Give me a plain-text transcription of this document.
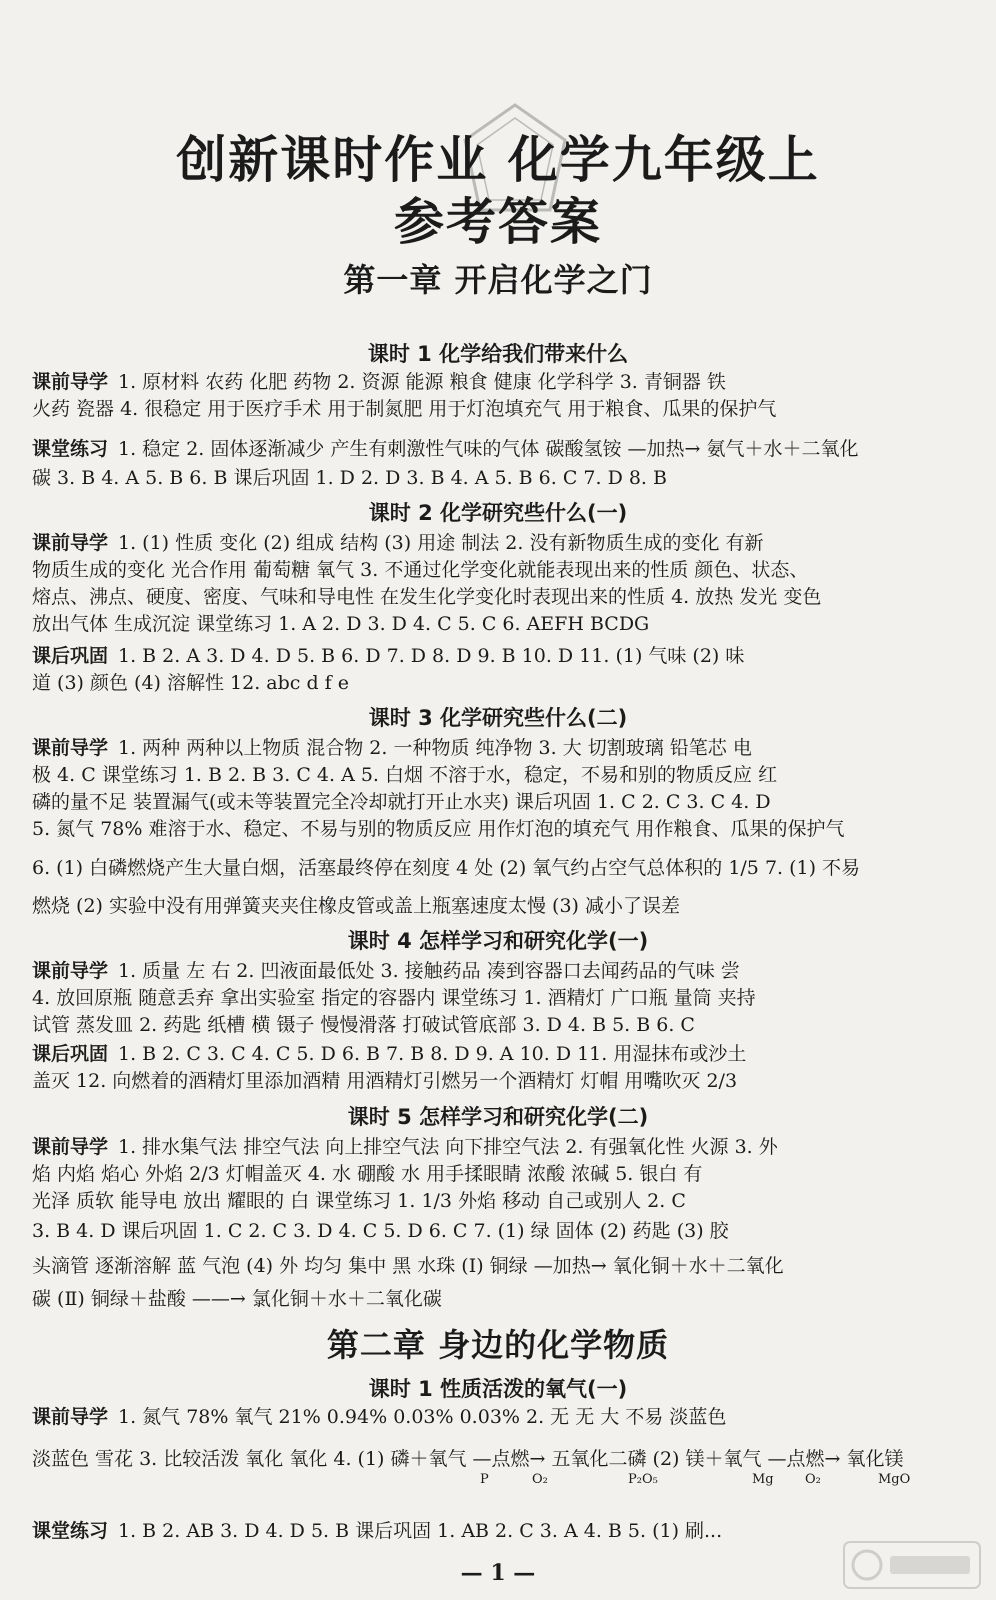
创新课时作业 化学九年级上
参考答案
第一章 开启化学之门
课时 1 化学给我们带来什么
课前导学 1. 原材料 农药 化肥 药物 2. 资源 能源 粮食 健康 化学科学 3. 青铜器 铁
火药 瓷器 4. 很稳定 用于医疗手术 用于制氮肥 用于灯泡填充气 用于粮食、瓜果的保护气
课堂练习 1. 稳定 2. 固体逐渐减少 产生有刺激性气味的气体 碳酸氢铵 —加热→ 氨气＋水＋二氧化
碳 3. B 4. A 5. B 6. B 课后巩固 1. D 2. D 3. B 4. A 5. B 6. C 7. D 8. B
课时 2 化学研究些什么(一)
课前导学 1. (1) 性质 变化 (2) 组成 结构 (3) 用途 制法 2. 没有新物质生成的变化 有新
物质生成的变化 光合作用 葡萄糖 氧气 3. 不通过化学变化就能表现出来的性质 颜色、状态、
熔点、沸点、硬度、密度、气味和导电性 在发生化学变化时表现出来的性质 4. 放热 发光 变色
放出气体 生成沉淀 课堂练习 1. A 2. D 3. D 4. C 5. C 6. AEFH BCDG
课后巩固 1. B 2. A 3. D 4. D 5. B 6. D 7. D 8. D 9. B 10. D 11. (1) 气味 (2) 味
道 (3) 颜色 (4) 溶解性 12. abc d f e
课时 3 化学研究些什么(二)
课前导学 1. 两种 两种以上物质 混合物 2. 一种物质 纯净物 3. 大 切割玻璃 铅笔芯 电
极 4. C 课堂练习 1. B 2. B 3. C 4. A 5. 白烟 不溶于水，稳定，不易和别的物质反应 红
磷的量不足 装置漏气(或未等装置完全冷却就打开止水夹) 课后巩固 1. C 2. C 3. C 4. D
5. 氮气 78% 难溶于水、稳定、不易与别的物质反应 用作灯泡的填充气 用作粮食、瓜果的保护气
6. (1) 白磷燃烧产生大量白烟，活塞最终停在刻度 4 处 (2) 氧气约占空气总体积的 1/5 7. (1) 不易
燃烧 (2) 实验中没有用弹簧夹夹住橡皮管或盖上瓶塞速度太慢 (3) 减小了误差
课时 4 怎样学习和研究化学(一)
课前导学 1. 质量 左 右 2. 凹液面最低处 3. 接触药品 凑到容器口去闻药品的气味 尝
4. 放回原瓶 随意丢弃 拿出实验室 指定的容器内 课堂练习 1. 酒精灯 广口瓶 量筒 夹持
试管 蒸发皿 2. 药匙 纸槽 横 镊子 慢慢滑落 打破试管底部 3. D 4. B 5. B 6. C
课后巩固 1. B 2. C 3. C 4. C 5. D 6. B 7. B 8. D 9. A 10. D 11. 用湿抹布或沙土
盖灭 12. 向燃着的酒精灯里添加酒精 用酒精灯引燃另一个酒精灯 灯帽 用嘴吹灭 2/3
课时 5 怎样学习和研究化学(二)
课前导学 1. 排水集气法 排空气法 向上排空气法 向下排空气法 2. 有强氧化性 火源 3. 外
焰 内焰 焰心 外焰 2/3 灯帽盖灭 4. 水 硼酸 水 用手揉眼睛 浓酸 浓碱 5. 银白 有
光泽 质软 能导电 放出 耀眼的 白 课堂练习 1. 1/3 外焰 移动 自己或别人 2. C
3. B 4. D 课后巩固 1. C 2. C 3. D 4. C 5. D 6. C 7. (1) 绿 固体 (2) 药匙 (3) 胶
头滴管 逐渐溶解 蓝 气泡 (4) 外 均匀 集中 黑 水珠 (Ⅰ) 铜绿 —加热→ 氧化铜＋水＋二氧化
碳 (Ⅱ) 铜绿＋盐酸 ——→ 氯化铜＋水＋二氧化碳
第二章 身边的化学物质
课时 1 性质活泼的氧气(一)
课前导学 1. 氮气 78% 氧气 21% 0.94% 0.03% 0.03% 2. 无 无 大 不易 淡蓝色
淡蓝色 雪花 3. 比较活泼 氧化 氧化 4. (1) 磷＋氧气 —点燃→ 五氧化二磷 (2) 镁＋氧气 —点燃→ 氧化镁
P	O₂	P₂O₅	Mg O₂	MgO
课堂练习 1. B 2. AB 3. D 4. D 5. B 课后巩固 1. AB 2. C 3. A 4. B 5. (1) 刷...
— 1 —
